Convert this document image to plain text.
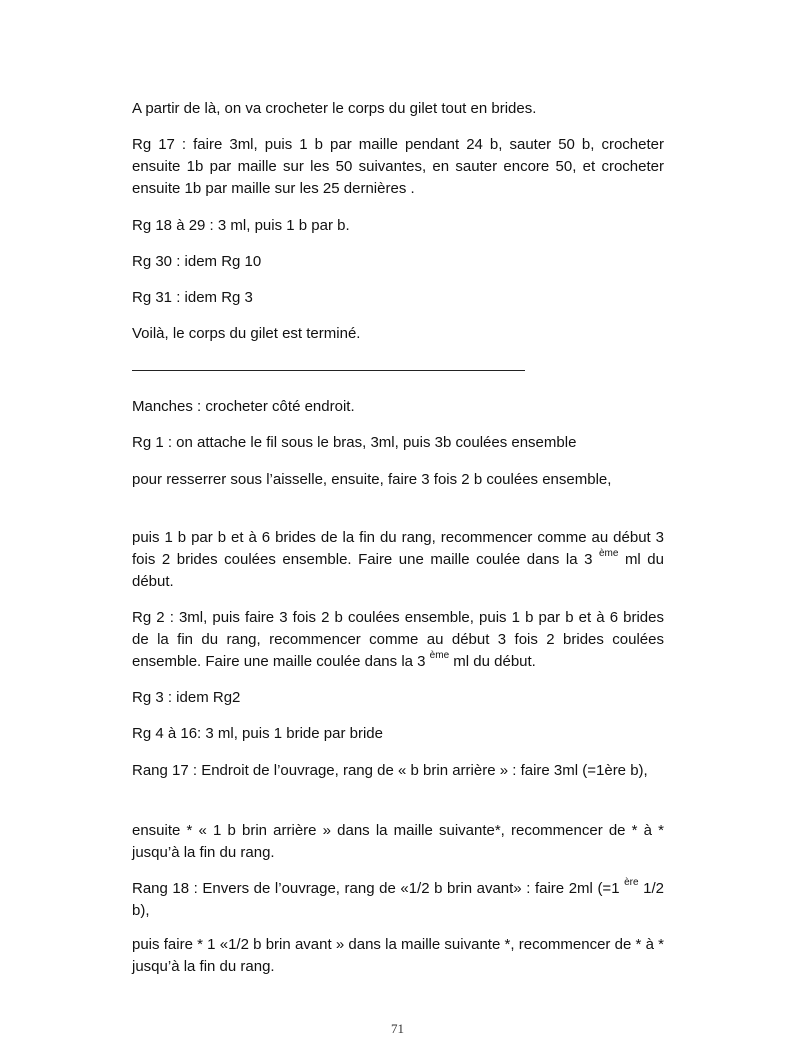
A partir de là, on va crocheter le corps du gilet tout en brides.

Rg 17 : faire 3ml, puis 1 b par maille pendant 24 b, sauter 50 b, crocheter ensuite 1b par maille sur les 50 suivantes, en sauter encore 50, et crocheter ensuite 1b par maille sur les 25 dernières .

Rg 18 à 29 : 3 ml, puis 1 b par b.

Rg 30 : idem Rg 10

Rg 31 : idem Rg 3

Voilà, le corps du gilet est terminé.

Manches : crocheter côté endroit.

Rg 1 : on attache le fil sous le bras, 3ml, puis 3b coulées ensemble

pour resserrer sous l’aisselle, ensuite, faire 3 fois 2 b coulées ensemble,

puis 1 b par b et à 6 brides de la fin du rang, recommencer comme au début 3 fois 2 brides coulées ensemble. Faire une maille coulée dans la 3 $^{ème}$ ml du début.

Rg 2 : 3ml, puis faire 3 fois 2 b coulées ensemble, puis 1 b par b et à 6 brides de la fin du rang, recommencer comme au début 3 fois 2 brides coulées ensemble. Faire une maille coulée dans la 3 $^{ème}$ ml du début.

Rg 3 : idem Rg2

Rg 4 à 16: 3 ml, puis 1 bride par bride

Rang 17 : Endroit de l’ouvrage, rang de « b brin arrière » : faire 3ml (=1ère b),

ensuite * « 1 b brin arrière » dans la maille suivante*, recommencer de * à * jusqu’à la fin du rang.

Rang 18 : Envers de l’ouvrage, rang de «1/2 b brin avant» : faire 2ml (=1 $^{ère}$ 1/2 b),

puis faire * 1 «1/2 b brin avant » dans la maille suivante *, recommencer de * à * jusqu’à la fin du rang.

71
